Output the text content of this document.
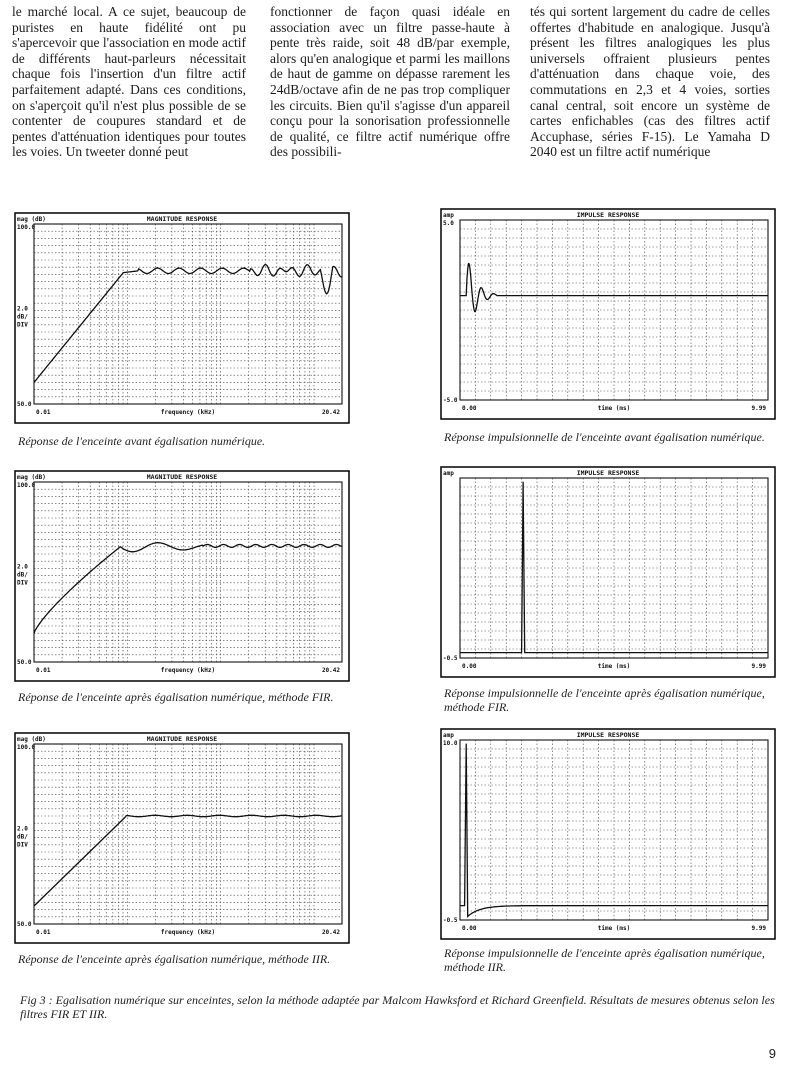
le marché local. A ce sujet, beaucoup de puristes en haute fidélité ont pu s'apercevoir que l'association en mode actif de différents haut-parleurs nécessitait chaque fois l'insertion d'un filtre actif parfaitement adapté. Dans ces conditions, on s'aperçoit qu'il n'est plus possible de se contenter de coupures standard et de pentes d'atténuation identiques pour toutes les voies. Un tweeter donné peut

fonctionner de façon quasi idéale en association avec un filtre passe-haute à pente très raide, soit 48 dB/par exemple, alors qu'en analogique et parmi les maillons de haut de gamme on dépasse rarement les 24dB/octave afin de ne pas trop compliquer les circuits. Bien qu'il s'agisse d'un appareil conçu pour la sonorisation professionnelle de qualité, ce filtre actif numérique offre des possibili-

tés qui sortent largement du cadre de celles offertes d'habitude en analogique. Jusqu'à présent les filtres analogiques les plus universels offraient plusieurs pentes d'atténuation dans chaque voie, des commutations en 2,3 et 4 voies, sorties canal central, soit encore un système de cartes enfichables (cas des filtres actif Accuphase, séries F-15). Le Yamaha D 2040 est un filtre actif numérique

MAGNITUDE RESPONSE
mag (dB)
100.0
2.0
dB/
DIV
50.0
0.01	frequency (kHz)	20.42
Réponse de l'enceinte avant égalisation numérique.
IMPULSE RESPONSE
amp
5.0
-5.0
0.00	time (ms)	9.99
Réponse impulsionnelle de l'enceinte avant égalisation numérique.
MAGNITUDE RESPONSE
mag (dB)
100.0
2.0
dB/
DIV
50.0
0.01	frequency (kHz)	20.42
Réponse de l'enceinte après égalisation numérique, méthode FIR.
IMPULSE RESPONSE
amp
-0.5
0.00	time (ms)	9.99
Réponse impulsionnelle de l'enceinte après égalisation numérique, méthode FIR.
MAGNITUDE RESPONSE
mag (dB)
100.0
2.0
dB/
DIV
50.0
0.01	frequency (kHz)	20.42
Réponse de l'enceinte après égalisation numérique, méthode IIR.
IMPULSE RESPONSE
amp
10.0
-0.5
0.00	time (ms)	9.99
Réponse impulsionnelle de l'enceinte après égalisation numérique, méthode IIR.
Fig 3 : Egalisation numérique sur enceintes, selon la méthode adaptée par Malcom Hawksford et Richard Greenfield. Résultats de mesures obtenus selon les filtres FIR ET IIR.
9
